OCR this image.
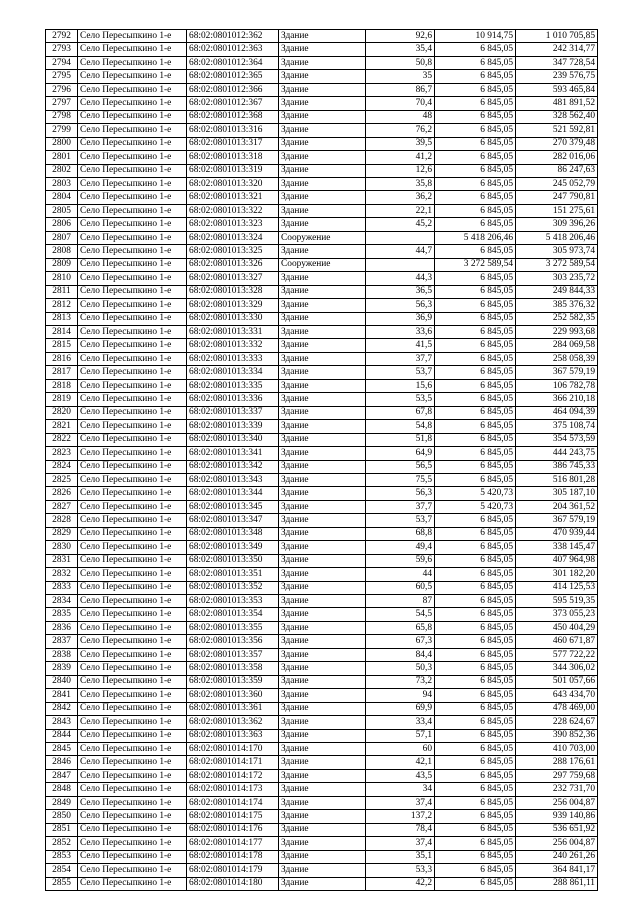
2792	Село Пересыпкино 1-е	68:02:0801012:362	Здание	92,6	10 914,75	1 010 705,85
2793	Село Пересыпкино 1-е	68:02:0801012:363	Здание	35,4	6 845,05	242 314,77
2794	Село Пересыпкино 1-е	68:02:0801012:364	Здание	50,8	6 845,05	347 728,54
2795	Село Пересыпкино 1-е	68:02:0801012:365	Здание	35	6 845,05	239 576,75
2796	Село Пересыпкино 1-е	68:02:0801012:366	Здание	86,7	6 845,05	593 465,84
2797	Село Пересыпкино 1-е	68:02:0801012:367	Здание	70,4	6 845,05	481 891,52
2798	Село Пересыпкино 1-е	68:02:0801012:368	Здание	48	6 845,05	328 562,40
2799	Село Пересыпкино 1-е	68:02:0801013:316	Здание	76,2	6 845,05	521 592,81
2800	Село Пересыпкино 1-е	68:02:0801013:317	Здание	39,5	6 845,05	270 379,48
2801	Село Пересыпкино 1-е	68:02:0801013:318	Здание	41,2	6 845,05	282 016,06
2802	Село Пересыпкино 1-е	68:02:0801013:319	Здание	12,6	6 845,05	86 247,63
2803	Село Пересыпкино 1-е	68:02:0801013:320	Здание	35,8	6 845,05	245 052,79
2804	Село Пересыпкино 1-е	68:02:0801013:321	Здание	36,2	6 845,05	247 790,81
2805	Село Пересыпкино 1-е	68:02:0801013:322	Здание	22,1	6 845,05	151 275,61
2806	Село Пересыпкино 1-е	68:02:0801013:323	Здание	45,2	6 845,05	309 396,26
2807	Село Пересыпкино 1-е	68:02:0801013:324	Сооружение		5 418 206,46	5 418 206,46
2808	Село Пересыпкино 1-е	68:02:0801013:325	Здание	44,7	6 845,05	305 973,74
2809	Село Пересыпкино 1-е	68:02:0801013:326	Сооружение		3 272 589,54	3 272 589,54
2810	Село Пересыпкино 1-е	68:02:0801013:327	Здание	44,3	6 845,05	303 235,72
2811	Село Пересыпкино 1-е	68:02:0801013:328	Здание	36,5	6 845,05	249 844,33
2812	Село Пересыпкино 1-е	68:02:0801013:329	Здание	56,3	6 845,05	385 376,32
2813	Село Пересыпкино 1-е	68:02:0801013:330	Здание	36,9	6 845,05	252 582,35
2814	Село Пересыпкино 1-е	68:02:0801013:331	Здание	33,6	6 845,05	229 993,68
2815	Село Пересыпкино 1-е	68:02:0801013:332	Здание	41,5	6 845,05	284 069,58
2816	Село Пересыпкино 1-е	68:02:0801013:333	Здание	37,7	6 845,05	258 058,39
2817	Село Пересыпкино 1-е	68:02:0801013:334	Здание	53,7	6 845,05	367 579,19
2818	Село Пересыпкино 1-е	68:02:0801013:335	Здание	15,6	6 845,05	106 782,78
2819	Село Пересыпкино 1-е	68:02:0801013:336	Здание	53,5	6 845,05	366 210,18
2820	Село Пересыпкино 1-е	68:02:0801013:337	Здание	67,8	6 845,05	464 094,39
2821	Село Пересыпкино 1-е	68:02:0801013:339	Здание	54,8	6 845,05	375 108,74
2822	Село Пересыпкино 1-е	68:02:0801013:340	Здание	51,8	6 845,05	354 573,59
2823	Село Пересыпкино 1-е	68:02:0801013:341	Здание	64,9	6 845,05	444 243,75
2824	Село Пересыпкино 1-е	68:02:0801013:342	Здание	56,5	6 845,05	386 745,33
2825	Село Пересыпкино 1-е	68:02:0801013:343	Здание	75,5	6 845,05	516 801,28
2826	Село Пересыпкино 1-е	68:02:0801013:344	Здание	56,3	5 420,73	305 187,10
2827	Село Пересыпкино 1-е	68:02:0801013:345	Здание	37,7	5 420,73	204 361,52
2828	Село Пересыпкино 1-е	68:02:0801013:347	Здание	53,7	6 845,05	367 579,19
2829	Село Пересыпкино 1-е	68:02:0801013:348	Здание	68,8	6 845,05	470 939,44
2830	Село Пересыпкино 1-е	68:02:0801013:349	Здание	49,4	6 845,05	338 145,47
2831	Село Пересыпкино 1-е	68:02:0801013:350	Здание	59,6	6 845,05	407 964,98
2832	Село Пересыпкино 1-е	68:02:0801013:351	Здание	44	6 845,05	301 182,20
2833	Село Пересыпкино 1-е	68:02:0801013:352	Здание	60,5	6 845,05	414 125,53
2834	Село Пересыпкино 1-е	68:02:0801013:353	Здание	87	6 845,05	595 519,35
2835	Село Пересыпкино 1-е	68:02:0801013:354	Здание	54,5	6 845,05	373 055,23
2836	Село Пересыпкино 1-е	68:02:0801013:355	Здание	65,8	6 845,05	450 404,29
2837	Село Пересыпкино 1-е	68:02:0801013:356	Здание	67,3	6 845,05	460 671,87
2838	Село Пересыпкино 1-е	68:02:0801013:357	Здание	84,4	6 845,05	577 722,22
2839	Село Пересыпкино 1-е	68:02:0801013:358	Здание	50,3	6 845,05	344 306,02
2840	Село Пересыпкино 1-е	68:02:0801013:359	Здание	73,2	6 845,05	501 057,66
2841	Село Пересыпкино 1-е	68:02:0801013:360	Здание	94	6 845,05	643 434,70
2842	Село Пересыпкино 1-е	68:02:0801013:361	Здание	69,9	6 845,05	478 469,00
2843	Село Пересыпкино 1-е	68:02:0801013:362	Здание	33,4	6 845,05	228 624,67
2844	Село Пересыпкино 1-е	68:02:0801013:363	Здание	57,1	6 845,05	390 852,36
2845	Село Пересыпкино 1-е	68:02:0801014:170	Здание	60	6 845,05	410 703,00
2846	Село Пересыпкино 1-е	68:02:0801014:171	Здание	42,1	6 845,05	288 176,61
2847	Село Пересыпкино 1-е	68:02:0801014:172	Здание	43,5	6 845,05	297 759,68
2848	Село Пересыпкино 1-е	68:02:0801014:173	Здание	34	6 845,05	232 731,70
2849	Село Пересыпкино 1-е	68:02:0801014:174	Здание	37,4	6 845,05	256 004,87
2850	Село Пересыпкино 1-е	68:02:0801014:175	Здание	137,2	6 845,05	939 140,86
2851	Село Пересыпкино 1-е	68:02:0801014:176	Здание	78,4	6 845,05	536 651,92
2852	Село Пересыпкино 1-е	68:02:0801014:177	Здание	37,4	6 845,05	256 004,87
2853	Село Пересыпкино 1-е	68:02:0801014:178	Здание	35,1	6 845,05	240 261,26
2854	Село Пересыпкино 1-е	68:02:0801014:179	Здание	53,3	6 845,05	364 841,17
2855	Село Пересыпкино 1-е	68:02:0801014:180	Здание	42,2	6 845,05	288 861,11
